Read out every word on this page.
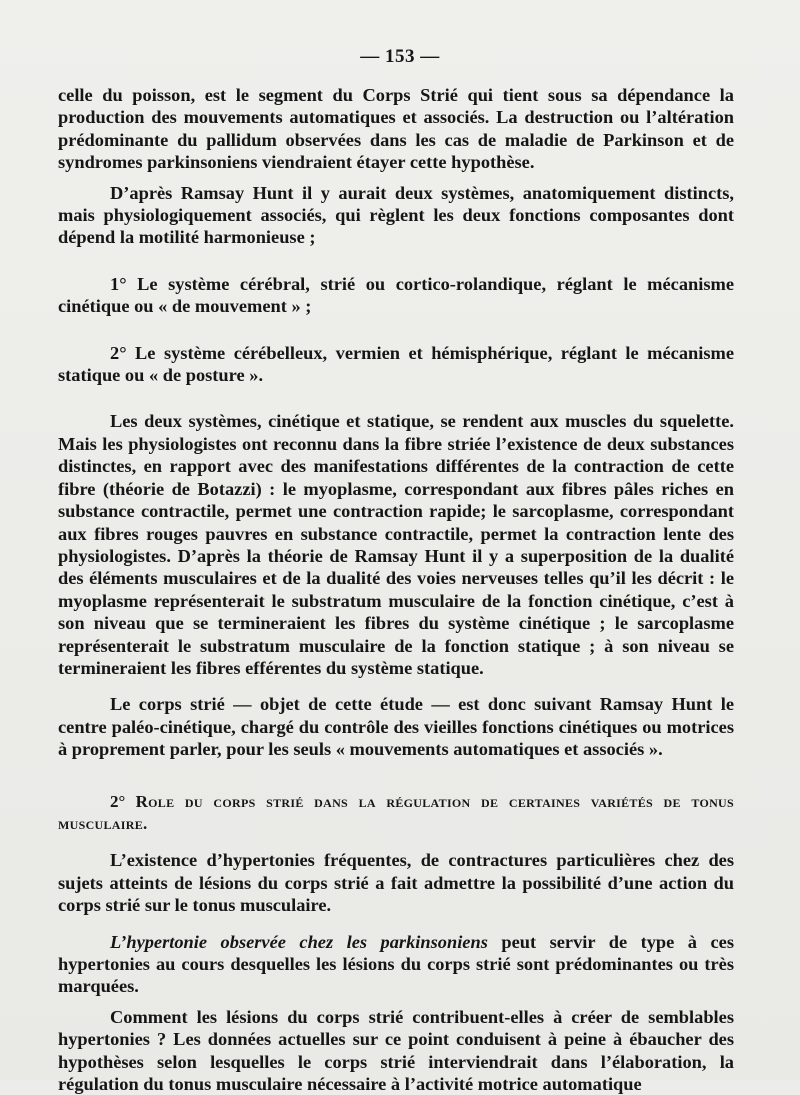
— 153 —

celle du poisson, est le segment du Corps Strié qui tient sous sa dépendance la production des mouvements automatiques et associés. La destruction ou l’altération prédominante du pallidum observées dans les cas de maladie de Parkinson et de syndromes parkinsoniens viendraient étayer cette hypothèse.

D’après Ramsay Hunt il y aurait deux systèmes, anatomiquement distincts, mais physiologiquement associés, qui règlent les deux fonctions composantes dont dépend la motilité harmonieuse ;

1° Le système cérébral, strié ou cortico-rolandique, réglant le mécanisme cinétique ou « de mouvement » ;

2° Le système cérébelleux, vermien et hémisphérique, réglant le mécanisme statique ou « de posture ».

Les deux systèmes, cinétique et statique, se rendent aux muscles du squelette. Mais les physiologistes ont reconnu dans la fibre striée l’existence de deux substances distinctes, en rapport avec des manifestations différentes de la contraction de cette fibre (théorie de Botazzi) : le myoplasme, correspondant aux fibres pâles riches en substance contractile, permet une contraction rapide; le sarcoplasme, correspondant aux fibres rouges pauvres en substance contractile, permet la contraction lente des physiologistes. D’après la théorie de Ramsay Hunt il y a superposition de la dualité des éléments musculaires et de la dualité des voies nerveuses telles qu’il les décrit : le myoplasme représenterait le substratum musculaire de la fonction cinétique, c’est à son niveau que se termineraient les fibres du système cinétique ; le sarcoplasme représenterait le substratum musculaire de la fonction statique ; à son niveau se termineraient les fibres efférentes du système statique.

Le corps strié — objet de cette étude — est donc suivant Ramsay Hunt le centre paléo-cinétique, chargé du contrôle des vieilles fonctions cinétiques ou motrices à proprement parler, pour les seuls « mouvements automatiques et associés ».

2° Role du corps strié dans la régulation de certaines variétés de tonus musculaire.

L’existence d’hypertonies fréquentes, de contractures particulières chez des sujets atteints de lésions du corps strié a fait admettre la possibilité d’une action du corps strié sur le tonus musculaire.

L’hypertonie observée chez les parkinsoniens peut servir de type à ces hypertonies au cours desquelles les lésions du corps strié sont prédominantes ou très marquées.

Comment les lésions du corps strié contribuent-elles à créer de semblables hypertonies ? Les données actuelles sur ce point conduisent à peine à ébaucher des hypothèses selon lesquelles le corps strié interviendrait dans l’élaboration, la régulation du tonus musculaire nécessaire à l’activité motrice automatique
